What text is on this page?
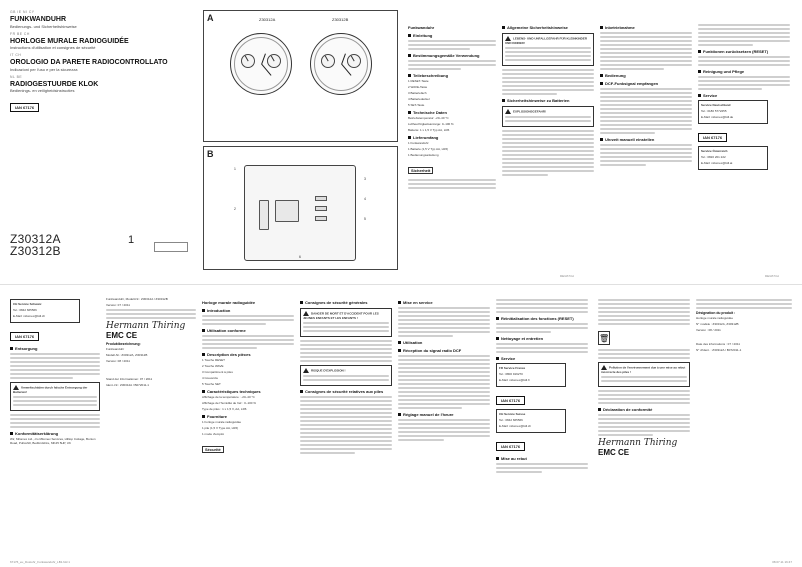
GB IE NI CY
FUNKWANDUHR
Bedienungs- und Sicherheitshinweise
FR BE CH
HORLOGE MURALE RADIOGUIDÉE
Instructions d'utilisation et consignes de sécurité
IT CH
OROLOGIO DA PARETE RADIOCONTROLLATO
Indicazioni per l'uso e per la sicurezza
NL BE
RADIOGESTUURDE KLOK
Bedienings- en veiligheidsinstructies
IAN 67176
Z30312A
Z30312B
1
A	Z30312A	Z30312B
B
1
2
3
4
5
6
Funkwanduhr
Einleitung
Bestimmungsgemäße Verwendung
Teilebeschreibung

1 RESET-Taste

2 WAVE-Taste

3 Batteriefach

4 Batteriedeckel

5 SET-Taste

Technische Daten

Betriebstemperatur: -20–40 °C

Luftfeuchtigkeitsanzeige: 0–100 %

Batterie: 1 x 1,5 V Typ AA, LR6

Lieferumfang

1 Funkwanduhr

1 Batterie (1,5 V Typ AA, LR6)

1 Bedienungsanleitung

Sicherheit
Allgemeine Sicherheitshinweise

LEBENS- UND UNFALLGEFAHR FÜR KLEINKINDER UND KINDER!

Sicherheitshinweise zu Batterien

EXPLOSIONSGEFAHR!

Inbetriebnahme
Bedienung
DCF-Funksignal empfangen
Uhrzeit manuell einstellen
Funktionen zurücksetzen (RESET)
Reinigung und Pflege
Service

Service Deutschland

Tel.: 0180 5772255

E-Mail: milomex@lidl.de

IAN 67176

Service Österreich

Tel.: 0820 201 222

E-Mail: milomex@lidl.at

DE/AT/CH	DE/AT/CH

CH Service Schweiz

Tel.: 0842 665566

E-Mail: milomex@lidl.ch

IAN 67176
Entsorgung

Umweltschäden durch falsche Entsorgung der Batterien!

Konformitätserklärung

Wir, Milomex Ltd., c/o Milomex Services, Hilltop Cottage, Bonton Road, Pulloxhill, Bedfordshire, MK45 5HP, UK

Funkwanduhr, Modell-Nr.: Z30312A / Z30312B

Version: 07 / 2011

Hermann Thiring
EMC CE
Produktbezeichnung:

Funkwanduhr

Modell-Nr.: Z30312A, Z30312B

Version: 08 / 2011

Stand der Informationen: 07 / 2011

Ident.-Nr.: Z30312A / B072011-1

Horloge murale radioguidée
Introduction
Utilisation conforme
Description des pièces

1 Touche RESET

2 Touche WAVE

3 Compartiment à piles

4 Couvercle

5 Touche SET

Caractéristiques techniques

Affichage de la température : -20–40 °C

Affichage de l'humidité de l'air : 0–100 %

Type de piles : 1 x 1,5 V, AA, LR6

Fourniture

1 horloge murale radioguidée

1 pile (1,5 V Type AA, LR6)

1 mode d'emploi

Sécurité
Consignes de sécurité générales

DANGER DE MORT ET D'ACCIDENT POUR LES JEUNES ENFANTS ET LES ENFANTS !

RISQUE D'EXPLOSION !

Consignes de sécurité relatives aux piles
Mise en service
Utilisation
Réception du signal radio DCF
Réglage manuel de l'heure
Réinitialisation des fonctions (RESET)
Nettoyage et entretien
Service

FR Service France

Tel.: 0800 919270

E-Mail: milomex@lidl.fr

IAN 67176

CH Service Suisse

Tel.: 0842 665566

E-Mail: milomex@lidl.ch

IAN 67176
Mise au rebut
🗑

Pollution de l'environnement due à une mise au rebut incorrecte des piles !

Déclaration de conformité
Hermann Thiring
EMC CE
Désignation du produit :

Horloge murale radioguidée

N° modèle : Z30312A, Z30312B

Version : 08 / 2011

Date des informations : 07 / 2011

N° d'ident. : Z30312A / B072011-1

67176_eu_Dustuhr_Funkwanduhr_LB1.fdd 1	08.07.11 16:47
